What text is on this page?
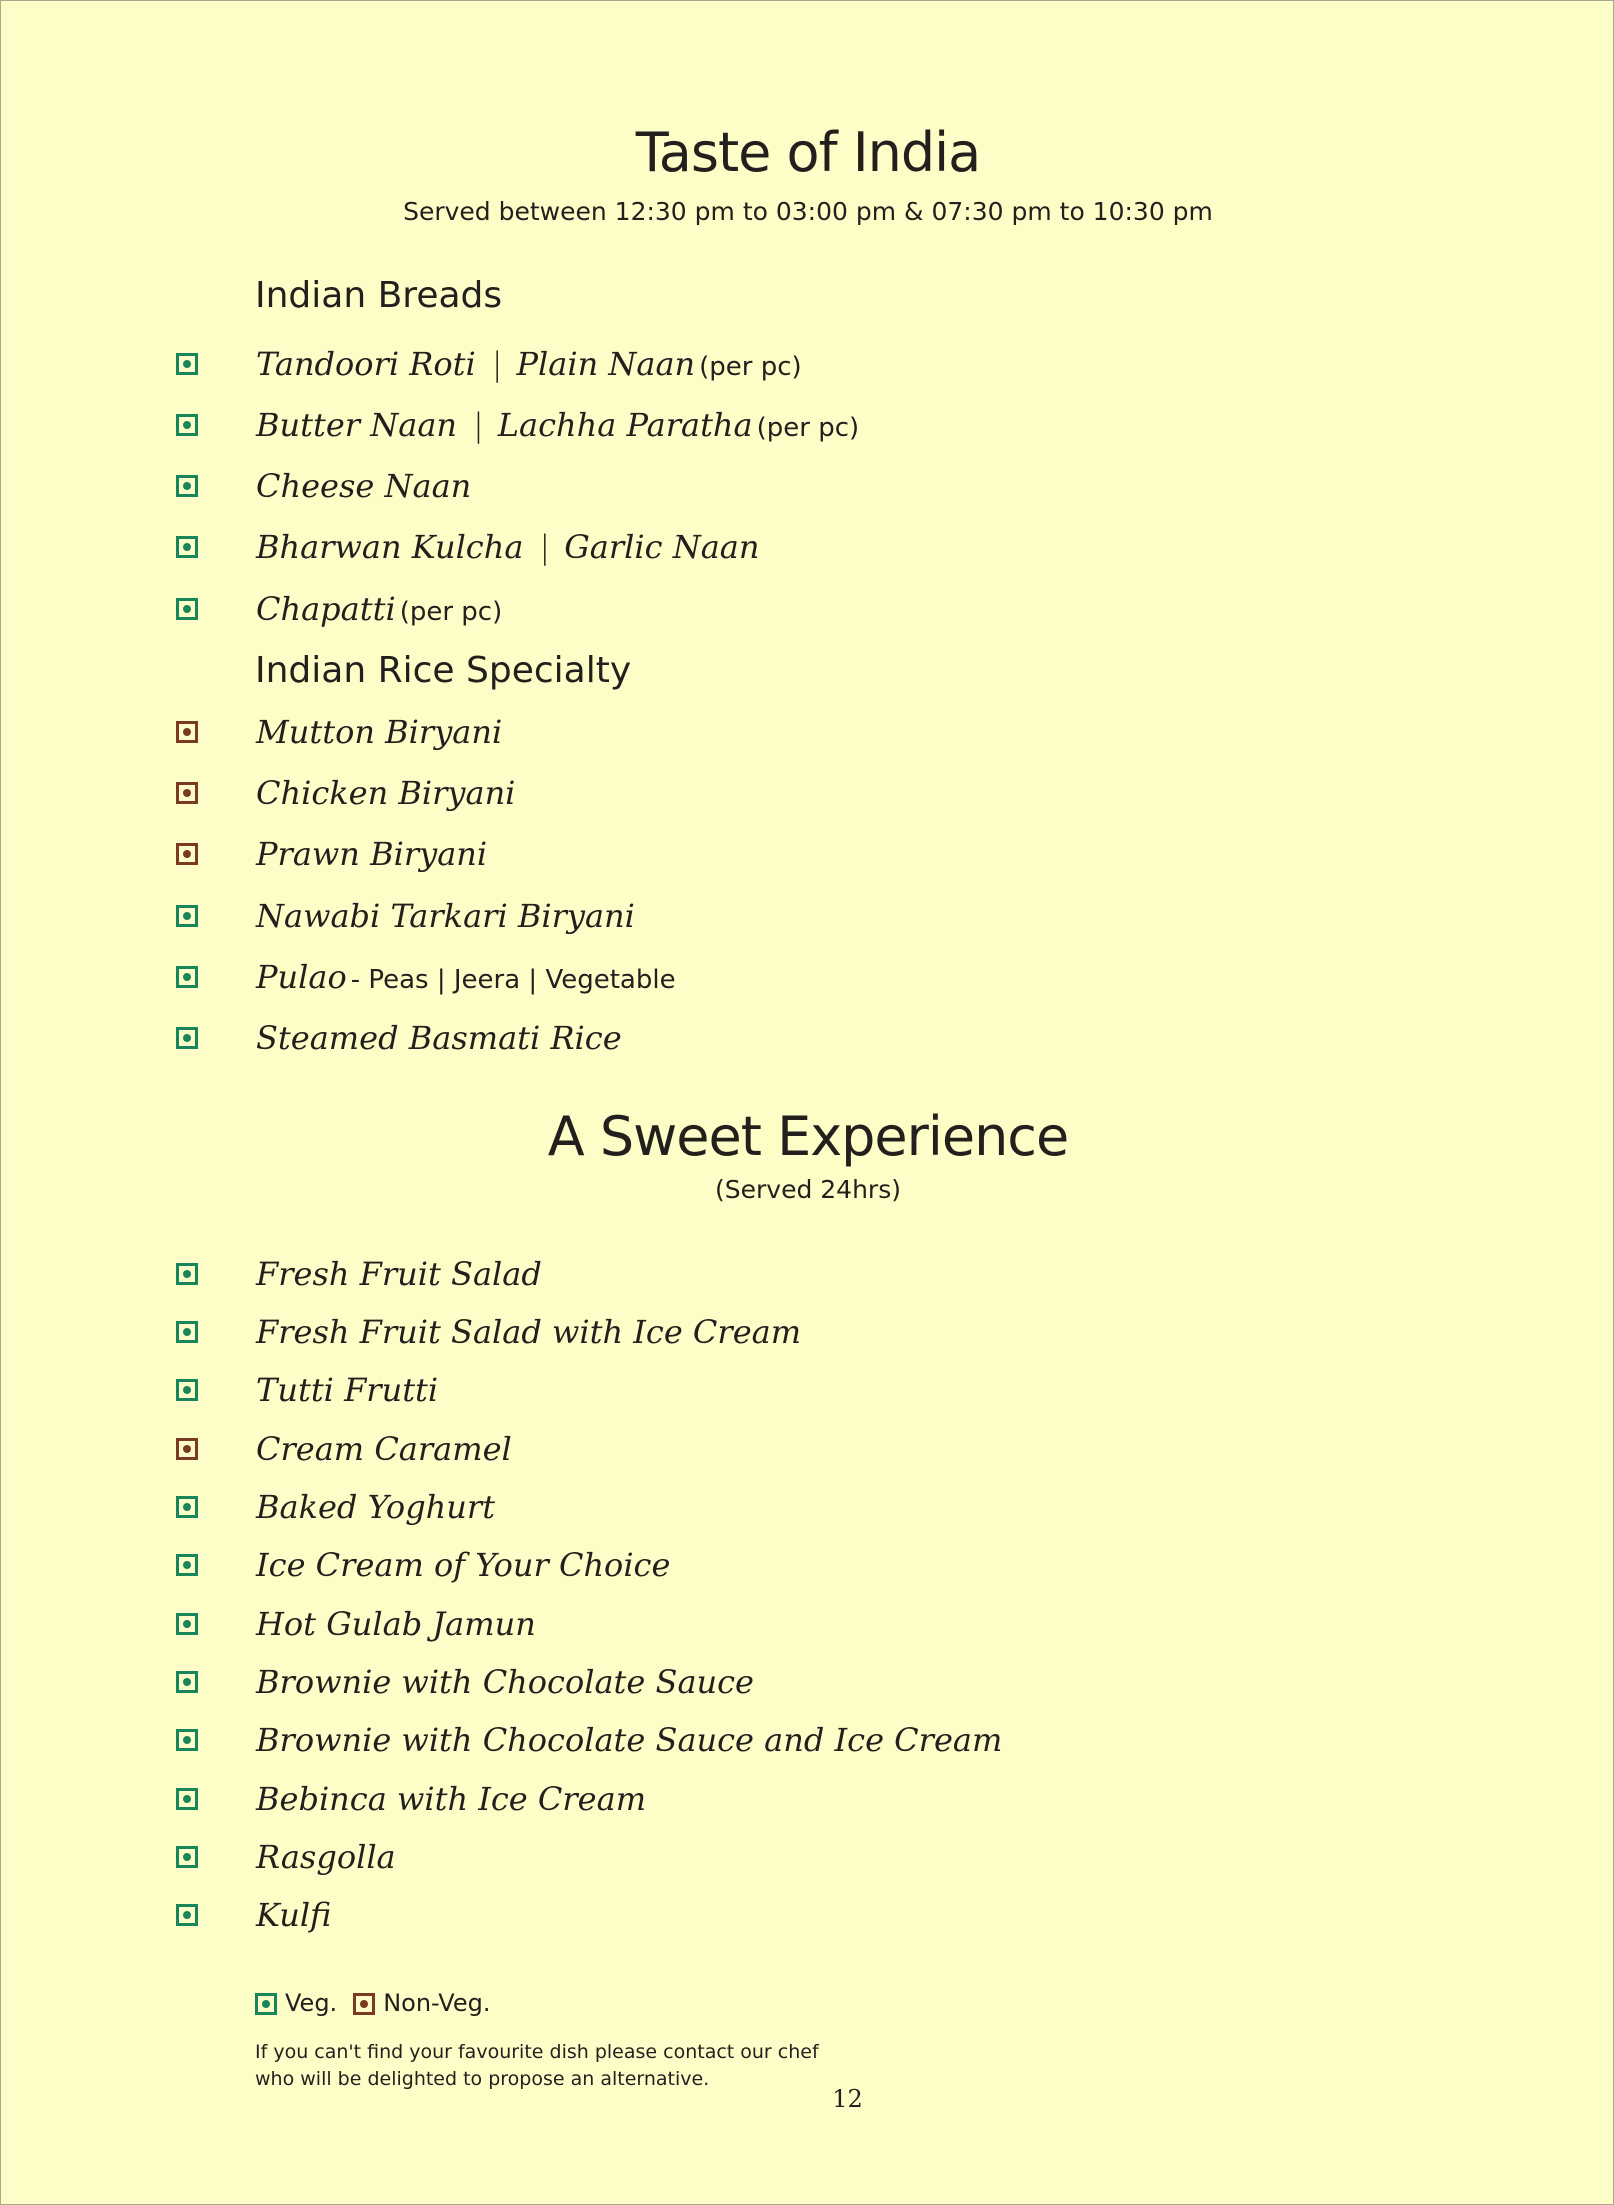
Taste of India
Served between 12:30 pm to 03:00 pm & 07:30 pm to 10:30 pm
Indian Breads
Tandoori Roti | Plain Naan (per pc)
Butter Naan | Lachha Paratha (per pc)
Cheese Naan
Bharwan Kulcha | Garlic Naan
Chapatti (per pc)
Indian Rice Specialty
Mutton Biryani
Chicken Biryani
Prawn Biryani
Nawabi Tarkari Biryani
Pulao - Peas | Jeera | Vegetable
Steamed Basmati Rice
A Sweet Experience
(Served 24hrs)
Fresh Fruit Salad
Fresh Fruit Salad with Ice Cream
Tutti Frutti
Cream Caramel
Baked Yoghurt
Ice Cream of Your Choice
Hot Gulab Jamun
Brownie with Chocolate Sauce
Brownie with Chocolate Sauce and Ice Cream
Bebinca with Ice Cream
Rasgolla
Kulfi
Veg. Non-Veg.
If you can't find your favourite dish please contact our chef
who will be delighted to propose an alternative.
12
